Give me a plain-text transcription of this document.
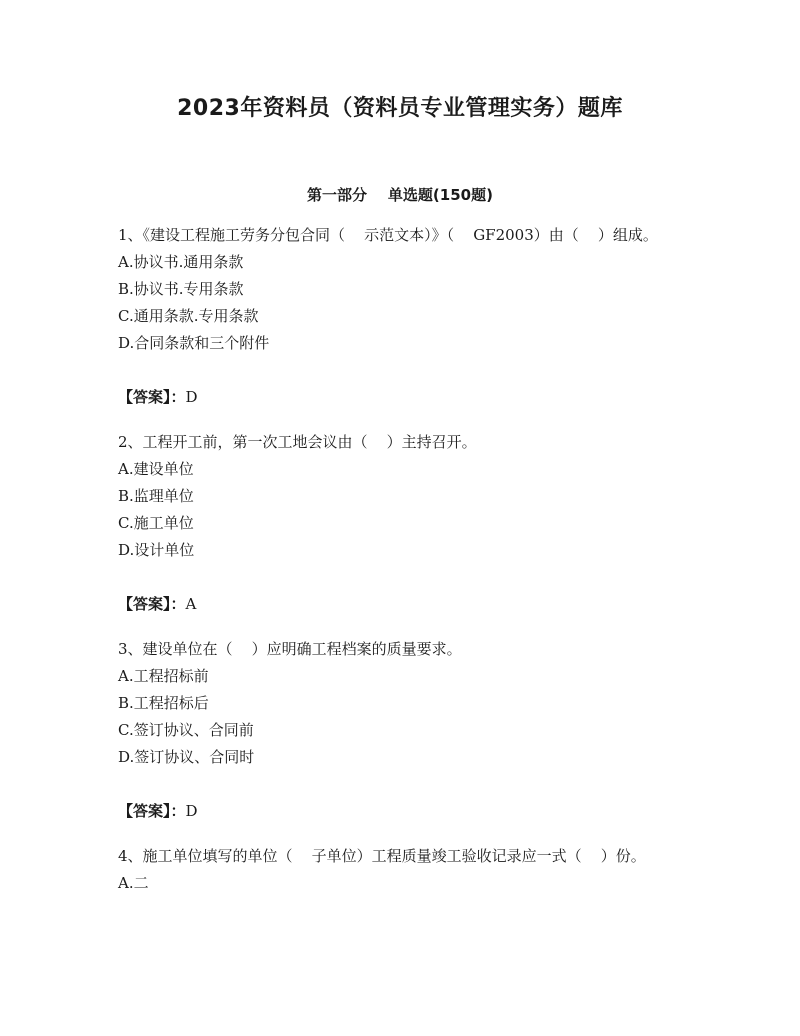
2023年资料员（资料员专业管理实务）题库
第一部分    单选题(150题)

1、《建设工程施工劳务分包合同（    示范文本）》（    GF2003）由（    ）组成。

A.协议书.通用条款

B.协议书.专用条款

C.通用条款.专用条款

D.合同条款和三个附件

【答案】：D

2、工程开工前，第一次工地会议由（    ）主持召开。

A.建设单位

B.监理单位

C.施工单位

D.设计单位

【答案】：A

3、建设单位在（    ）应明确工程档案的质量要求。

A.工程招标前

B.工程招标后

C.签订协议、合同前

D.签订协议、合同时

【答案】：D

4、施工单位填写的单位（    子单位）工程质量竣工验收记录应一式（    ）份。

A.二
